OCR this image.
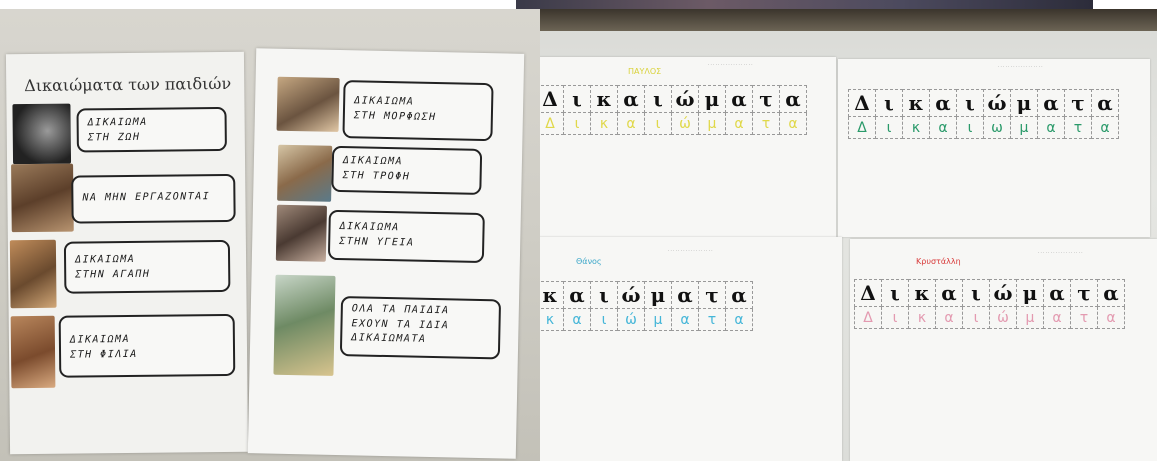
Δικαιώματα των παιδιών
ΔΙΚΑΙΩΜΑ
ΣΤΗ ΖΩΗ
ΝΑ ΜΗΝ ΕΡΓΑΖΟΝΤΑΙ
ΔΙΚΑΙΩΜΑ
ΣΤΗΝ ΑΓΑΠΗ
ΔΙΚΑΙΩΜΑ
ΣΤΗ ΦΙΛΙΑ
ΔΙΚΑΙΩΜΑ
ΣΤΗ ΜΟΡΦΩΣΗ
ΔΙΚΑΙΩΜΑ
ΣΤΗ ΤΡΟΦΗ
ΔΙΚΑΙΩΜΑ
ΣΤΗΝ ΥΓΕΙΑ
ΟΛΑ ΤΑ ΠΑΙΔΙΑ
ΕΧΟΥΝ ΤΑ ΙΔΙΑ
ΔΙΚΑΙΩΜΑΤΑ
ΠΑΥΛΟΣ
· · · · · · · · · · · · · · · · · ·
Δ ι κ α ι ώ μ α τ α
Δ	ι	κ	α	ι	ώ	μ	α	τ	α
· · · · · · · · · · · · · · · · · ·
Δ ι κ α ι ώ μ α τ α
Δ	ι	κ	α	ι	ω	μ	α	τ	α
Θάνος
· · · · · · · · · · · · · · · · · ·
κ α ι ώ μ α τ α
κ	α	ι	ώ	μ	α	τ	α
Κρυστάλλη
· · · · · · · · · · · · · · · · · ·
Δ ι κ α ι ώ μ α τ α
Δ	ι	κ	α	ι	ώ	μ	α	τ	α
